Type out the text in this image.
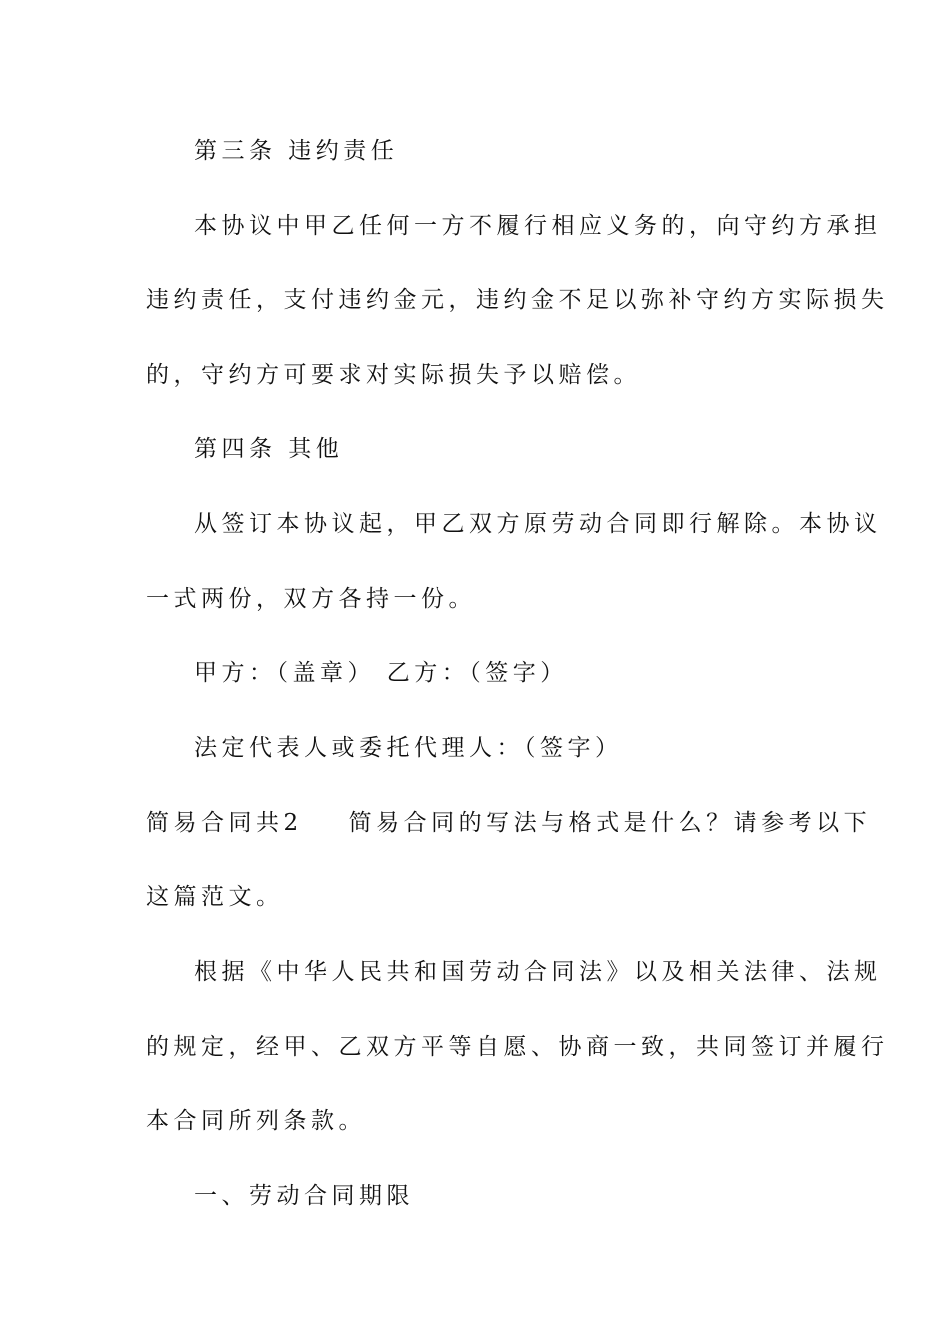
第三条 违约责任
本协议中甲乙任何一方不履行相应义务的，向守约方承担
违约责任，支付违约金元，违约金不足以弥补守约方实际损失
的，守约方可要求对实际损失予以赔偿。
第四条 其他
从签订本协议起，甲乙双方原劳动合同即行解除。本协议
一式两份，双方各持一份。
甲方：（盖章） 乙方：（签字）
法定代表人或委托代理人：（签字）
简易合同共2 简易合同的写法与格式是什么？请参考以下
这篇范文。
根据《中华人民共和国劳动合同法》以及相关法律、法规
的规定，经甲、乙双方平等自愿、协商一致，共同签订并履行
本合同所列条款。
一、劳动合同期限
